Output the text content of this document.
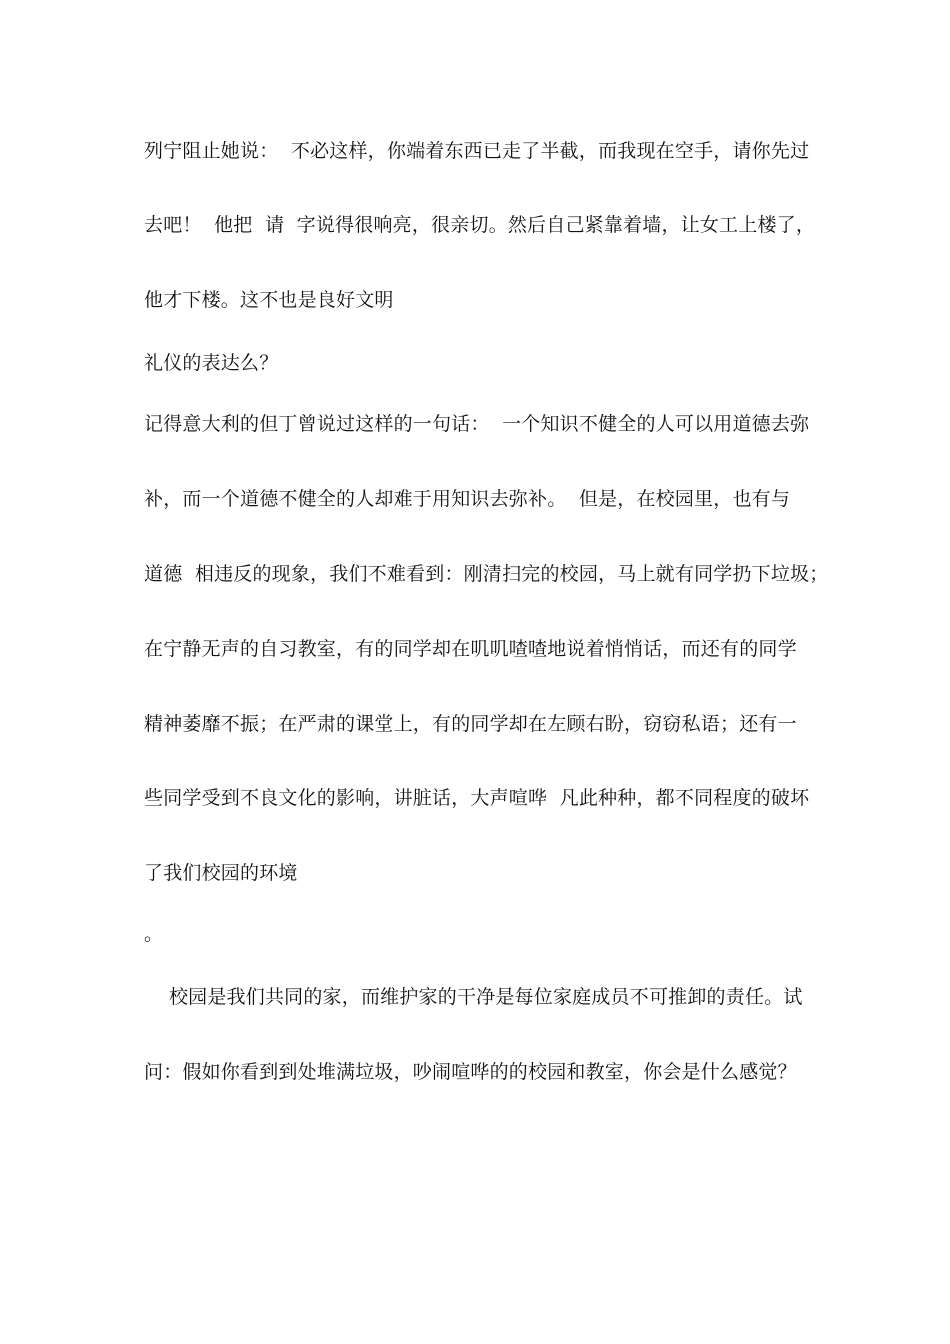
列宁阻止她说：  不必这样，你端着东西已走了半截，而我现在空手，请你先过
去吧！  他把  请  字说得很响亮，很亲切。然后自己紧靠着墙，让女工上楼了，
他才下楼。这不也是良好文明
礼仪的表达么？
记得意大利的但丁曾说过这样的一句话：  一个知识不健全的人可以用道德去弥
补，而一个道德不健全的人却难于用知识去弥补。  但是，在校园里，也有与
道德  相违反的现象，我们不难看到：刚清扫完的校园，马上就有同学扔下垃圾；
在宁静无声的自习教室，有的同学却在叽叽喳喳地说着悄悄话，而还有的同学
精神萎靡不振；在严肃的课堂上，有的同学却在左顾右盼，窃窃私语；还有一
些同学受到不良文化的影响，讲脏话，大声喧哗  凡此种种，都不同程度的破坏
了我们校园的环境
。
校园是我们共同的家，而维护家的干净是每位家庭成员不可推卸的责任。试
问：假如你看到到处堆满垃圾，吵闹喧哗的的校园和教室，你会是什么感觉？
